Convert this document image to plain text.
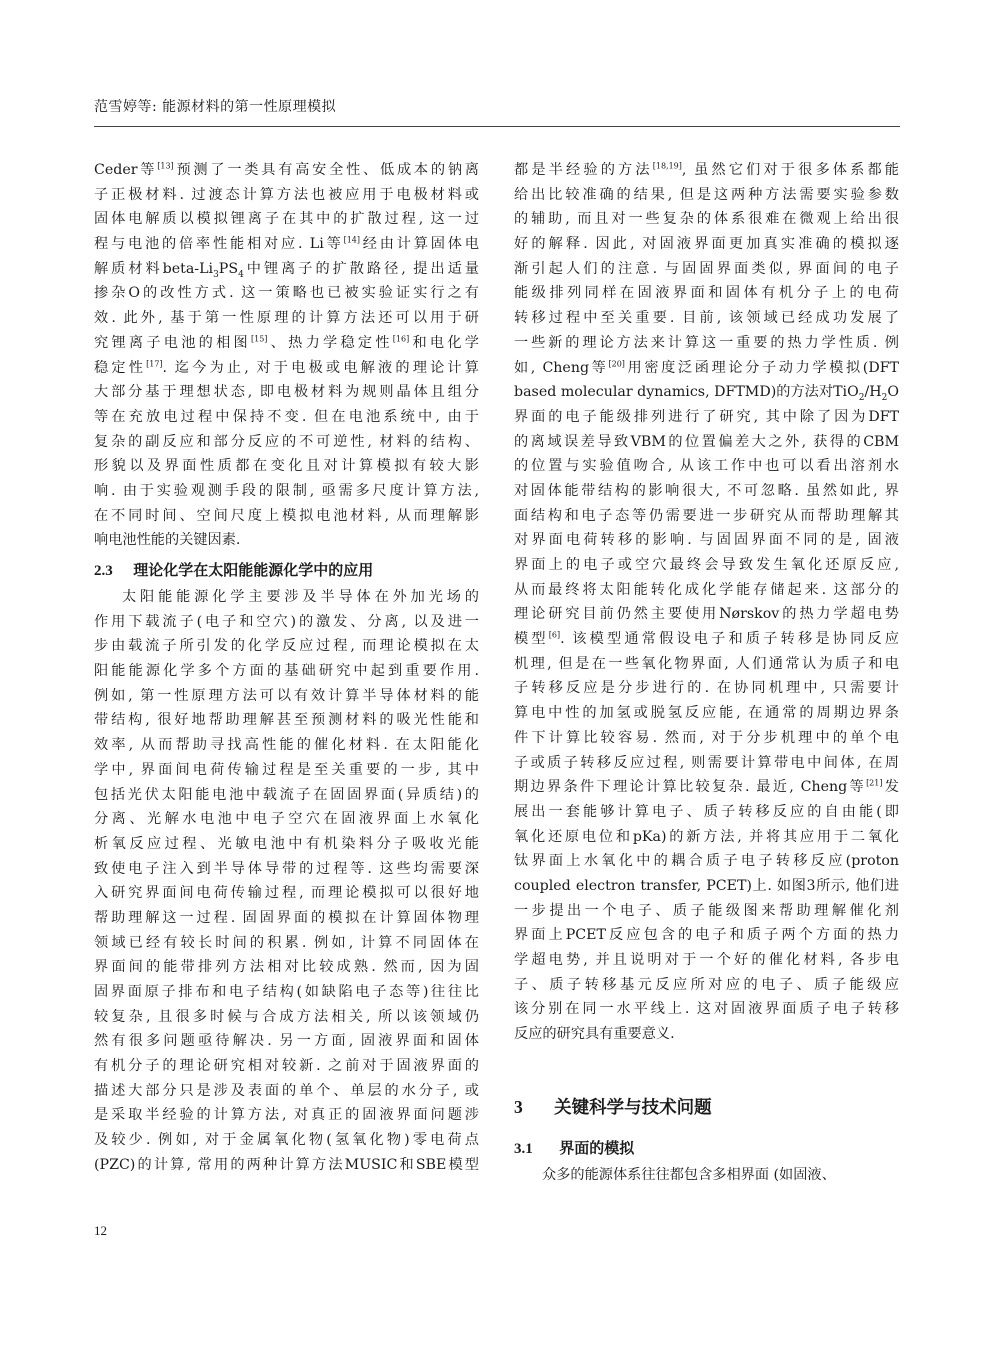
范雪婷等: 能源材料的第一性原理模拟
Ceder等[13]预测了一类具有高安全性、低成本的钠离
子正极材料. 过渡态计算方法也被应用于电极材料或
固体电解质以模拟锂离子在其中的扩散过程, 这一过
程与电池的倍率性能相对应. Li等[14]经由计算固体电
解质材料beta-$Li_3PS_4$中锂离子的扩散路径, 提出适量
掺杂O的改性方式. 这一策略也已被实验证实行之有
效. 此外, 基于第一性原理的计算方法还可以用于研
究锂离子电池的相图[15]、热力学稳定性[16]和电化学
稳定性[17]. 迄今为止, 对于电极或电解液的理论计算
大部分基于理想状态, 即电极材料为规则晶体且组分
等在充放电过程中保持不变. 但在电池系统中, 由于
复杂的副反应和部分反应的不可逆性, 材料的结构、
形貌以及界面性质都在变化且对计算模拟有较大影
响. 由于实验观测手段的限制, 亟需多尺度计算方法,
在不同时间、空间尺度上模拟电池材料, 从而理解影
响电池性能的关键因素.
2.3 理论化学在太阳能能源化学中的应用
太阳能能源化学主要涉及半导体在外加光场的
作用下载流子(电子和空穴)的激发、分离, 以及进一
步由载流子所引发的化学反应过程, 而理论模拟在太
阳能能源化学多个方面的基础研究中起到重要作用.
例如, 第一性原理方法可以有效计算半导体材料的能
带结构, 很好地帮助理解甚至预测材料的吸光性能和
效率, 从而帮助寻找高性能的催化材料. 在太阳能化
学中, 界面间电荷传输过程是至关重要的一步, 其中
包括光伏太阳能电池中载流子在固固界面(异质结)的
分离、光解水电池中电子空穴在固液界面上水氧化
析氧反应过程、光敏电池中有机染料分子吸收光能
致使电子注入到半导体导带的过程等. 这些均需要深
入研究界面间电荷传输过程, 而理论模拟可以很好地
帮助理解这一过程. 固固界面的模拟在计算固体物理
领域已经有较长时间的积累. 例如, 计算不同固体在
界面间的能带排列方法相对比较成熟. 然而, 因为固
固界面原子排布和电子结构(如缺陷电子态等)往往比
较复杂, 且很多时候与合成方法相关, 所以该领域仍
然有很多问题亟待解决. 另一方面, 固液界面和固体
有机分子的理论研究相对较新. 之前对于固液界面的
描述大部分只是涉及表面的单个、单层的水分子, 或
是采取半经验的计算方法, 对真正的固液界面问题涉
及较少. 例如, 对于金属氧化物(氢氧化物)零电荷点
(PZC)的计算, 常用的两种计算方法MUSIC和SBE模型
都是半经验的方法[18,19], 虽然它们对于很多体系都能
给出比较准确的结果, 但是这两种方法需要实验参数
的辅助, 而且对一些复杂的体系很难在微观上给出很
好的解释. 因此, 对固液界面更加真实准确的模拟逐
渐引起人们的注意. 与固固界面类似, 界面间的电子
能级排列同样在固液界面和固体有机分子上的电荷
转移过程中至关重要. 目前, 该领域已经成功发展了
一些新的理论方法来计算这一重要的热力学性质. 例
如, Cheng等[20]用密度泛函理论分子动力学模拟(DFT
based molecular dynamics, DFTMD)的方法对$TiO_2/H_2O$
界面的电子能级排列进行了研究, 其中除了因为DFT
的离域误差导致VBM的位置偏差大之外, 获得的CBM
的位置与实验值吻合, 从该工作中也可以看出溶剂水
对固体能带结构的影响很大, 不可忽略. 虽然如此, 界
面结构和电子态等仍需要进一步研究从而帮助理解其
对界面电荷转移的影响. 与固固界面不同的是, 固液
界面上的电子或空穴最终会导致发生氧化还原反应,
从而最终将太阳能转化成化学能存储起来. 这部分的
理论研究目前仍然主要使用Nørskov的热力学超电势
模型[6]. 该模型通常假设电子和质子转移是协同反应
机理, 但是在一些氧化物界面, 人们通常认为质子和电
子转移反应是分步进行的. 在协同机理中, 只需要计
算电中性的加氢或脱氢反应能, 在通常的周期边界条
件下计算比较容易. 然而, 对于分步机理中的单个电
子或质子转移反应过程, 则需要计算带电中间体, 在周
期边界条件下理论计算比较复杂. 最近, Cheng等[21]发
展出一套能够计算电子、质子转移反应的自由能(即
氧化还原电位和pKa)的新方法, 并将其应用于二氧化
钛界面上水氧化中的耦合质子电子转移反应(proton
coupled electron transfer, PCET)上. 如图3所示, 他们进
一步提出一个电子、质子能级图来帮助理解催化剂
界面上PCET反应包含的电子和质子两个方面的热力
学超电势, 并且说明对于一个好的催化材料, 各步电
子、质子转移基元反应所对应的电子、质子能级应
该分别在同一水平线上. 这对固液界面质子电子转移
反应的研究具有重要意义.
3 关键科学与技术问题
3.1 界面的模拟
众多的能源体系往往都包含多相界面 (如固液、
12
